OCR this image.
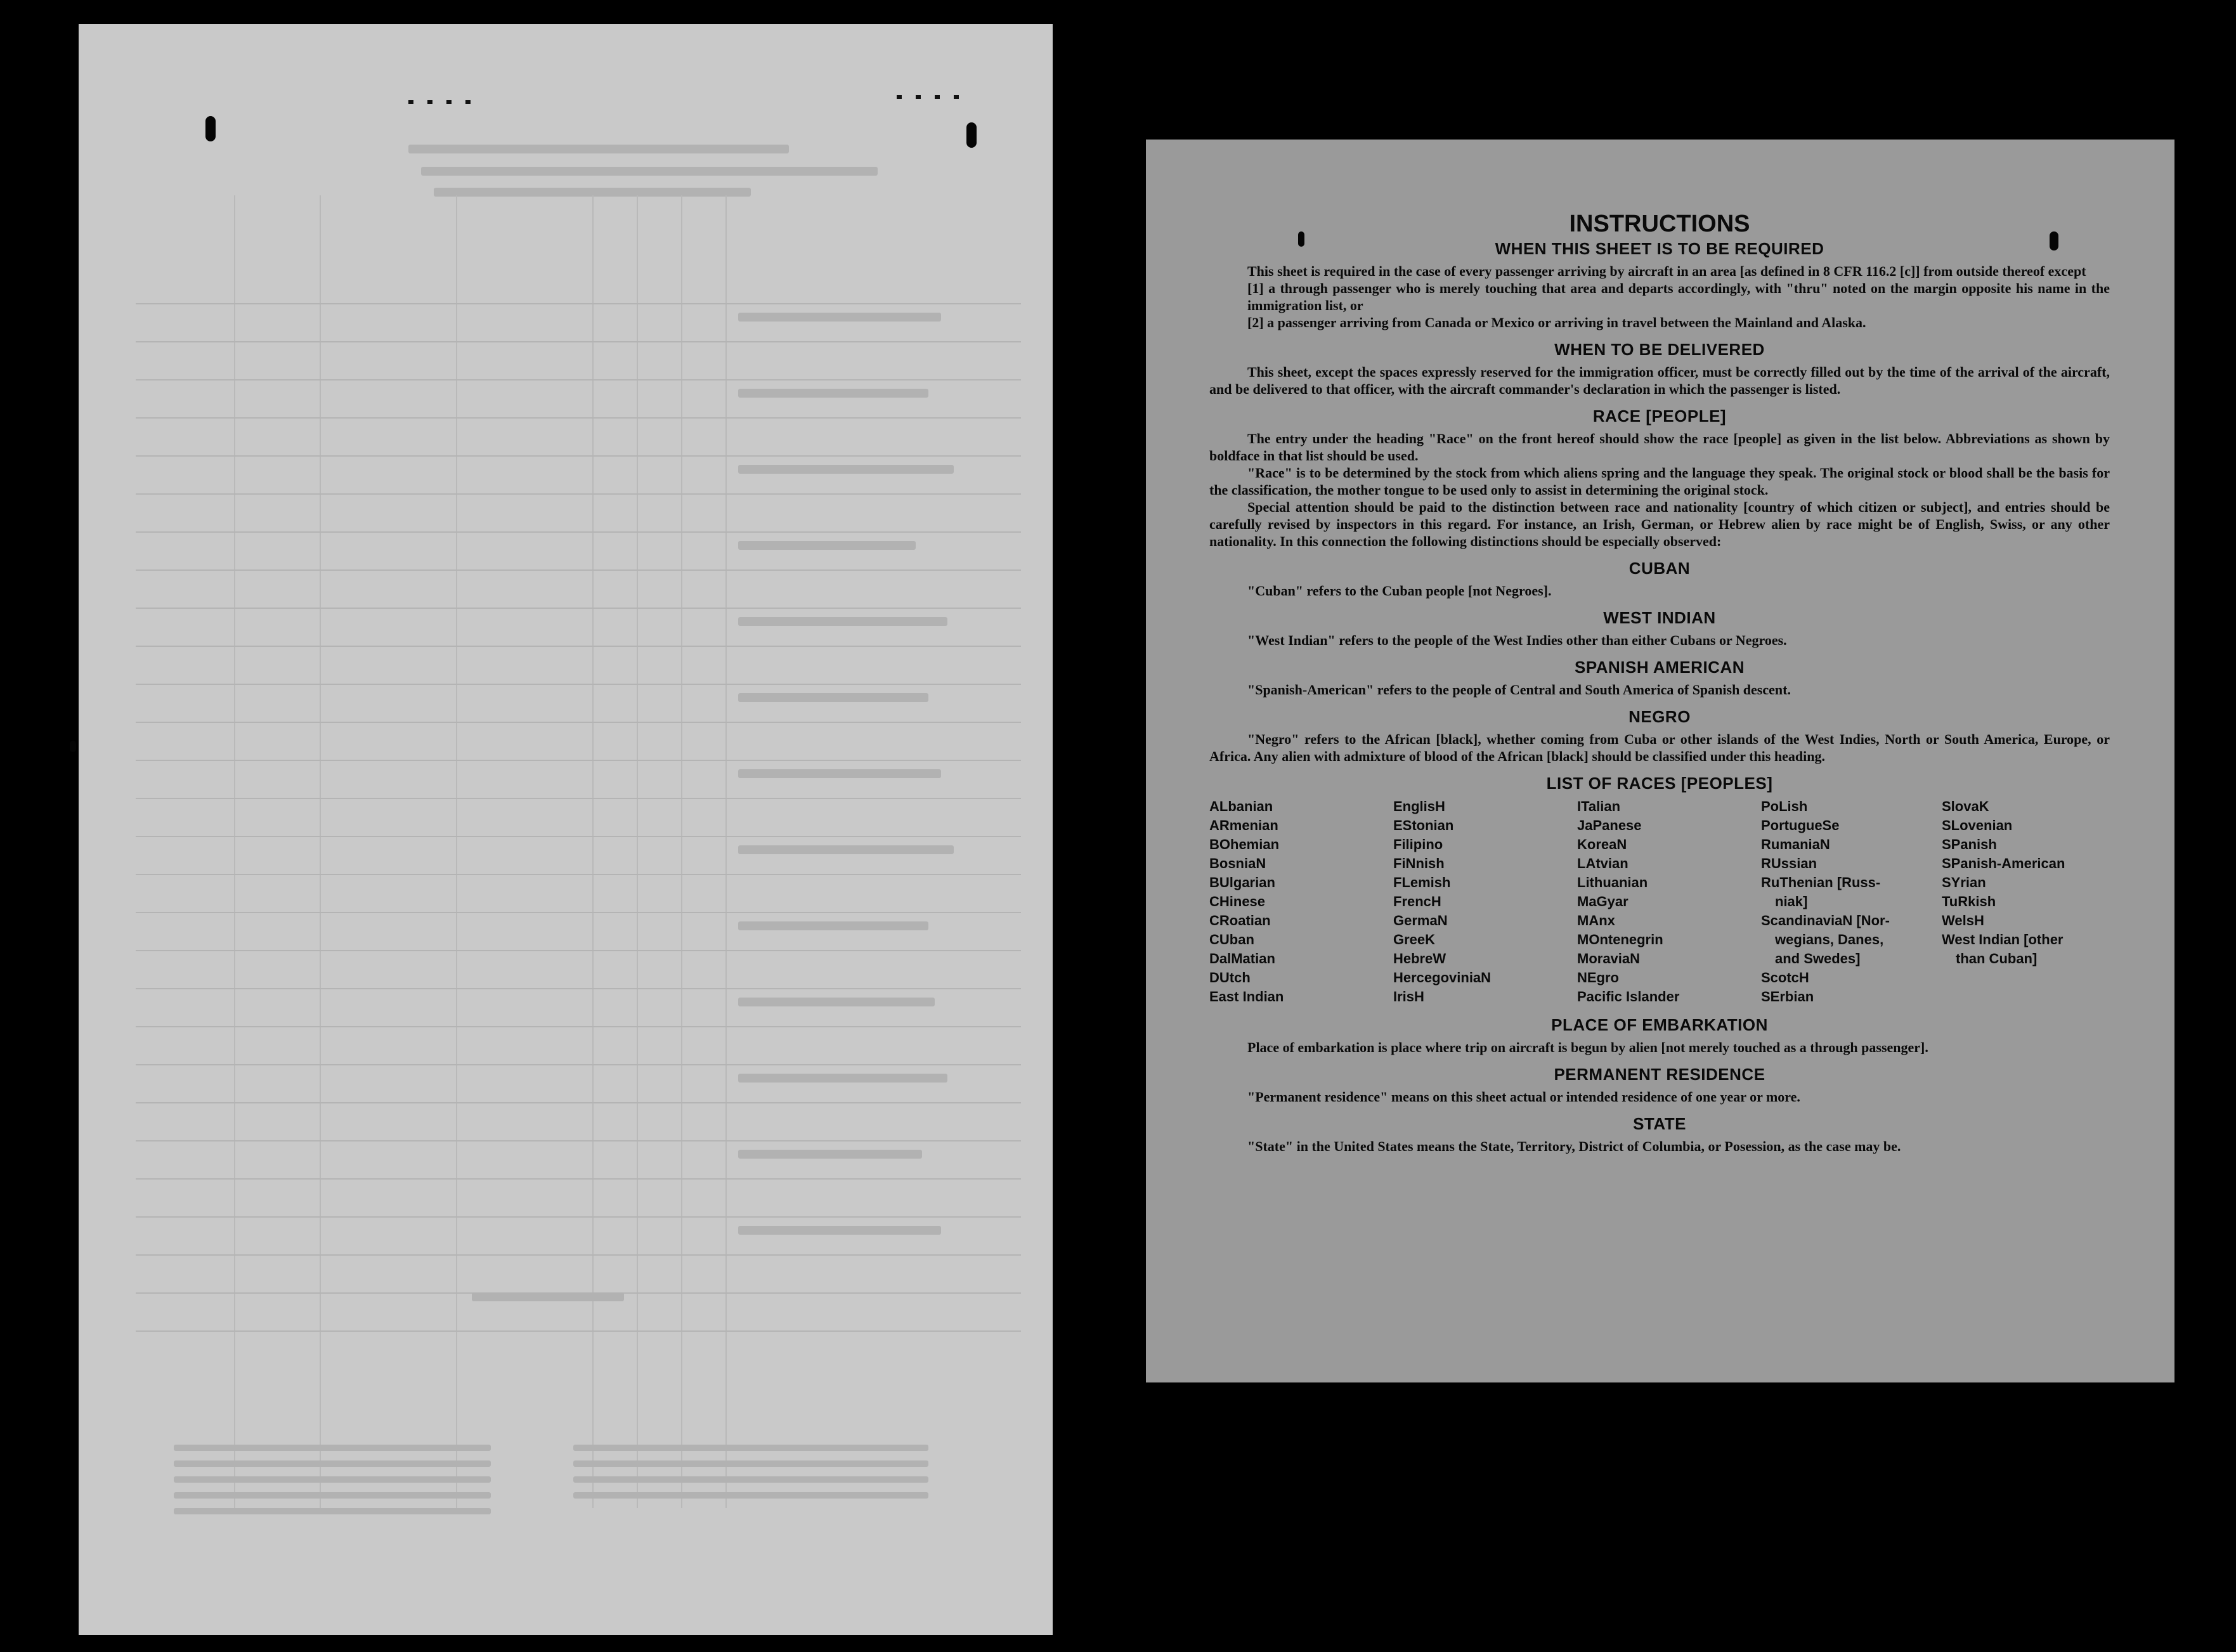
INSTRUCTIONS
WHEN THIS SHEET IS TO BE REQUIRED

This sheet is required in the case of every passenger arriving by aircraft in an area [as defined in 8 CFR 116.2 [c]] from outside thereof except

[1] a through passenger who is merely touching that area and departs accordingly, with "thru" noted on the margin opposite his name in the immigration list, or

[2] a passenger arriving from Canada or Mexico or arriving in travel between the Mainland and Alaska.

WHEN TO BE DELIVERED

This sheet, except the spaces expressly reserved for the immigration officer, must be correctly filled out by the time of the arrival of the aircraft, and be delivered to that officer, with the aircraft commander's declaration in which the passenger is listed.

RACE [PEOPLE]

The entry under the heading "Race" on the front hereof should show the race [people] as given in the list below. Abbreviations as shown by boldface in that list should be used.

"Race" is to be determined by the stock from which aliens spring and the language they speak. The original stock or blood shall be the basis for the classification, the mother tongue to be used only to assist in determining the original stock.

Special attention should be paid to the distinction between race and nationality [country of which citizen or subject], and entries should be carefully revised by inspectors in this regard. For instance, an Irish, German, or Hebrew alien by race might be of English, Swiss, or any other nationality. In this connection the following distinctions should be especially observed:

CUBAN

"Cuban" refers to the Cuban people [not Negroes].

WEST INDIAN

"West Indian" refers to the people of the West Indies other than either Cubans or Negroes.

SPANISH AMERICAN

"Spanish-American" refers to the people of Central and South America of Spanish descent.

NEGRO

"Negro" refers to the African [black], whether coming from Cuba or other islands of the West Indies, North or South America, Europe, or Africa. Any alien with admixture of blood of the African [black] should be classified under this heading.

LIST OF RACES [PEOPLES]
ALbanian
ARmenian
BOhemian
BosniaN
BUlgarian
CHinese
CRoatian
CUban
DalMatian
DUtch
East Indian
EnglisH
EStonian
Filipino
FiNnish
FLemish
FrencH
GermaN
GreeK
HebreW
HercegoviniaN
IrisH
ITalian
JaPanese
KoreaN
LAtvian
Lithuanian
MaGyar
MAnx
MOntenegrin
MoraviaN
NEgro
Pacific Islander
PoLish
PortugueSe
RumaniaN
RUssian
RuThenian [Russ-
niak]
ScandinaviaN [Nor-
wegians, Danes,
and Swedes]
ScotcH
SErbian
SlovaK
SLovenian
SPanish
SPanish-American
SYrian
TuRkish
WelsH
West Indian [other
than Cuban]
PLACE OF EMBARKATION

Place of embarkation is place where trip on aircraft is begun by alien [not merely touched as a through passenger].

PERMANENT RESIDENCE

"Permanent residence" means on this sheet actual or intended residence of one year or more.

STATE

"State" in the United States means the State, Territory, District of Columbia, or Posession, as the case may be.
